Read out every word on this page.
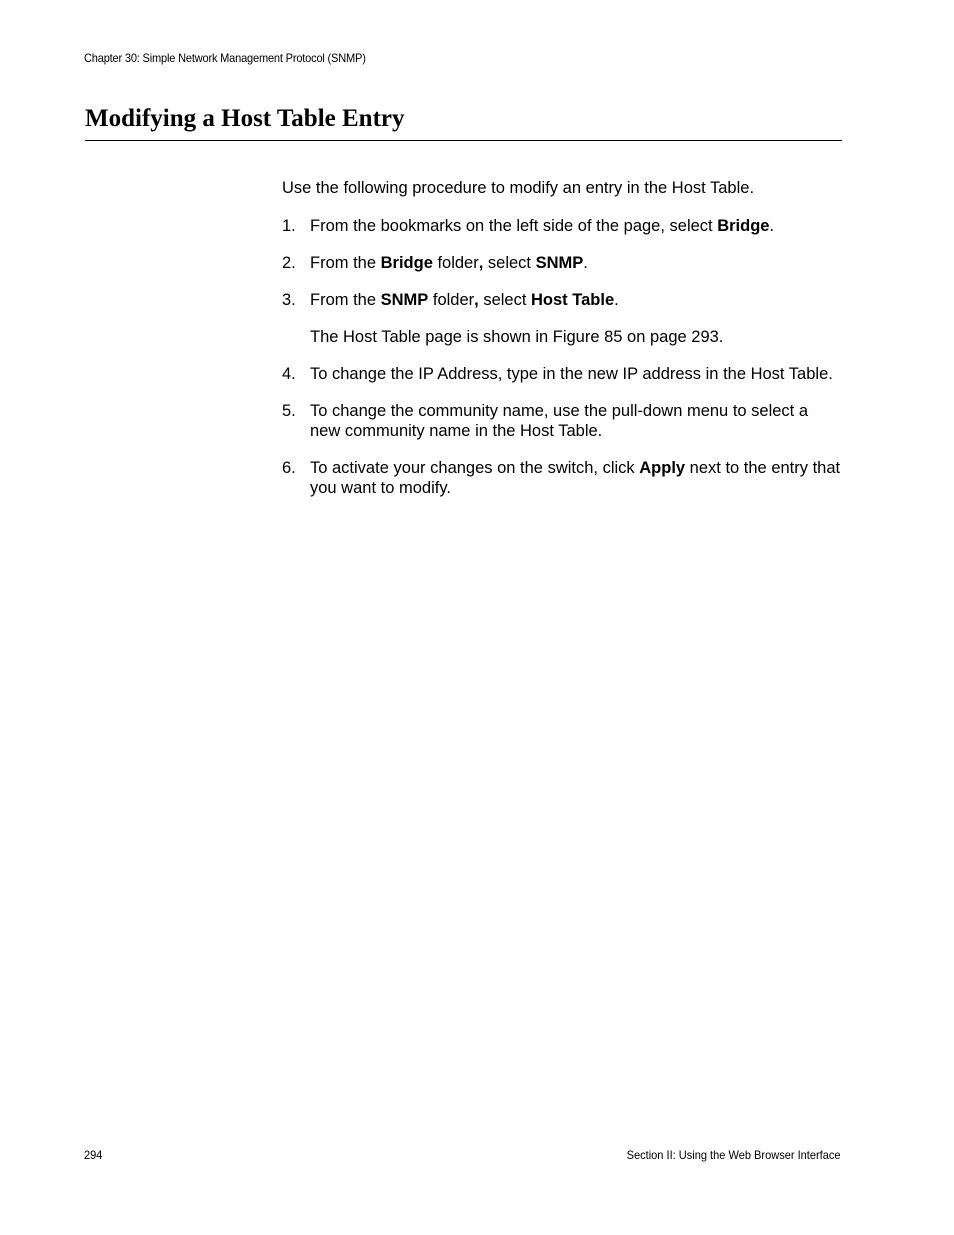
Chapter 30: Simple Network Management Protocol (SNMP)
Modifying a Host Table Entry

Use the following procedure to modify an entry in the Host Table.

1. From the bookmarks on the left side of the page, select Bridge.
2. From the Bridge folder, select SNMP.
3. From the SNMP folder, select Host Table.
The Host Table page is shown in Figure 85 on page 293.
4. To change the IP Address, type in the new IP address in the Host Table.
5. To change the community name, use the pull-down menu to select a new community name in the Host Table.
6. To activate your changes on the switch, click Apply next to the entry that you want to modify.
294	Section II: Using the Web Browser Interface
